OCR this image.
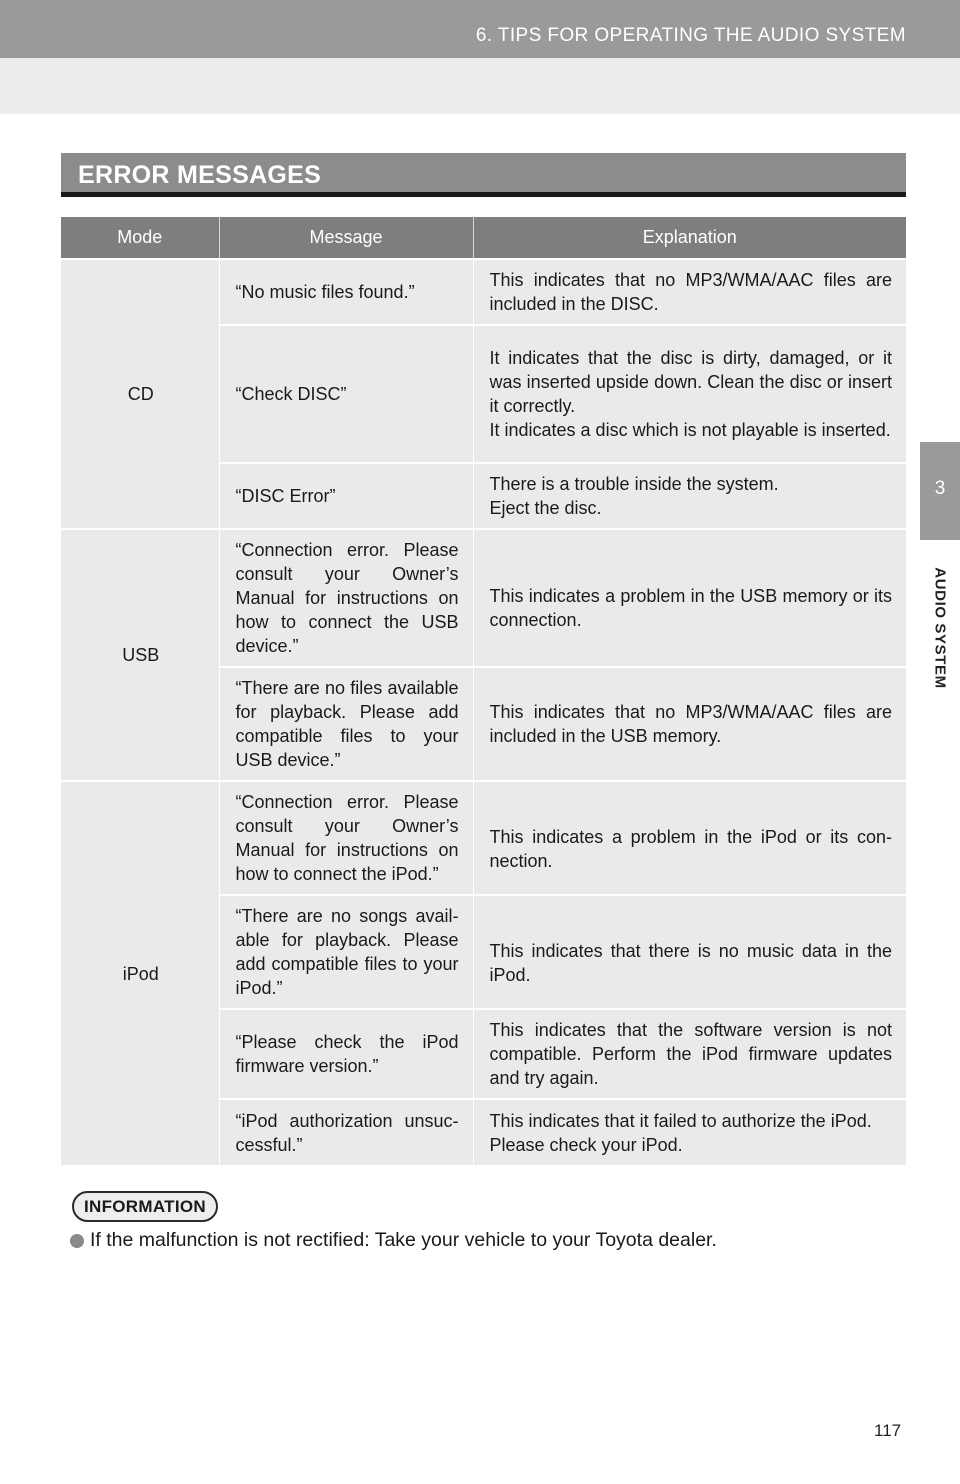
6. TIPS FOR OPERATING THE AUDIO SYSTEM
3
AUDIO SYSTEM
ERROR MESSAGES
Mode	Message	Explanation
CD	“No music files found.”	This indicates that no MP3/WMA/AAC files are included in the DISC.
	“Check DISC”	It indicates that the disc is dirty, damaged, or it was inserted upside down. Clean the disc or insert it correctly.
It indicates a disc which is not playable is inserted.
	“DISC Error”	There is a trouble inside the system.
Eject the disc.
USB	“Connection error. Please consult your Owner’s Manual for instructions on how to connect the USB device.”	This indicates a problem in the USB memory or its connection.
	“There are no files available for playback. Please add compatible files to your USB device.”	This indicates that no MP3/WMA/AAC files are included in the USB memory.
iPod	“Connection error. Please consult your Owner’s Manual for instructions on how to connect the iPod.”	This indicates a problem in the iPod or its connection.
	“There are no songs available for playback. Please add compatible files to your iPod.”	This indicates that there is no music data in the iPod.
	“Please check the iPod firmware version.”	This indicates that the software version is not compatible. Perform the iPod firmware updates and try again.
	“iPod authorization unsuccessful.”	This indicates that it failed to authorize the iPod.
Please check your iPod.
INFORMATION
If the malfunction is not rectified: Take your vehicle to your Toyota dealer.
117
